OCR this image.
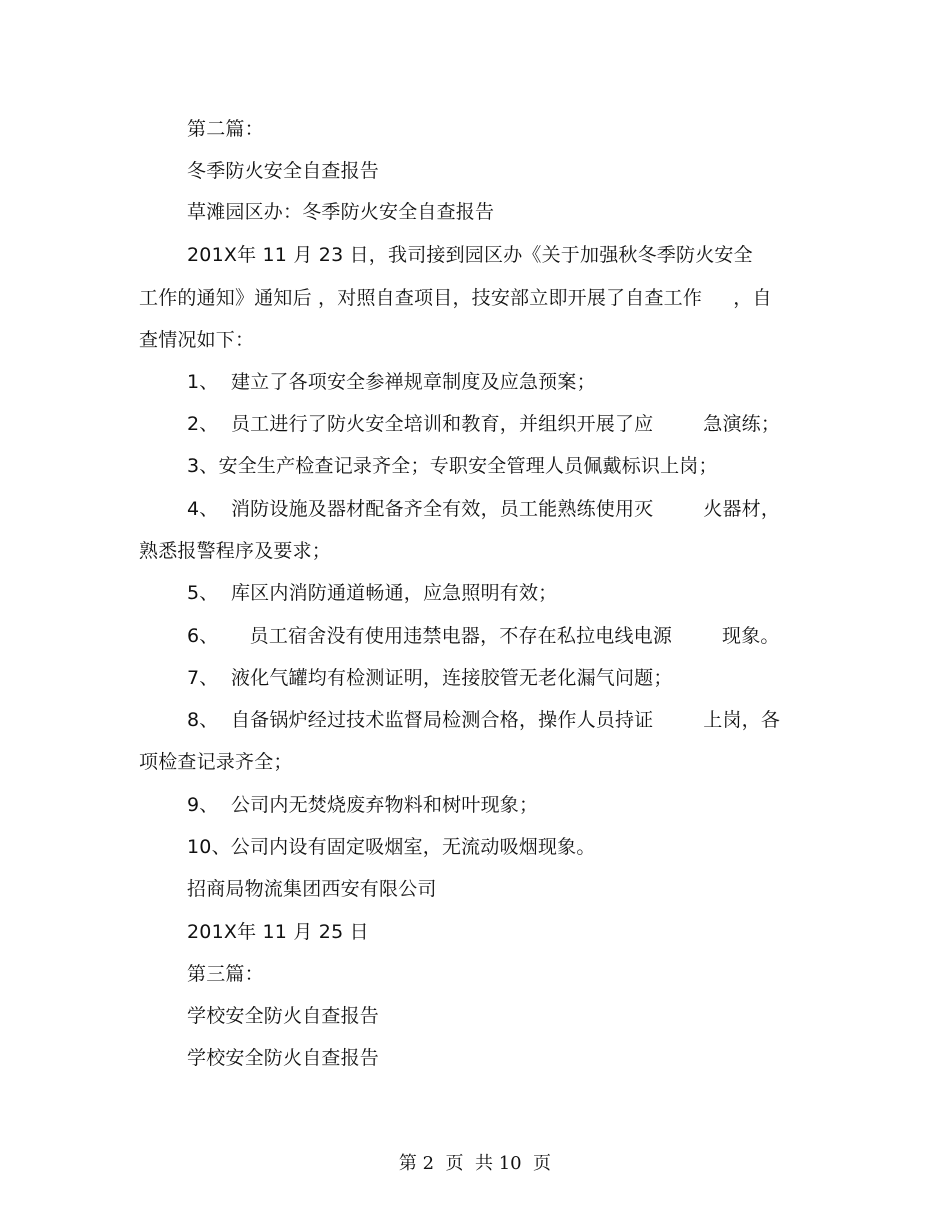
第二篇：
冬季防火安全自查报告
草滩园区办：冬季防火安全自查报告
201X年 11 月 23 日，我司接到园区办《关于加强秋冬季防火安全
工作的通知》通知后 ，对照自查项目，技安部立即开展了自查工作     ，自
查情况如下：
1、  建立了各项安全参禅规章制度及应急预案；
2、  员工进行了防火安全培训和教育，并组织开展了应        急演练；
3、安全生产检查记录齐全；专职安全管理人员佩戴标识上岗；
4、  消防设施及器材配备齐全有效，员工能熟练使用灭        火器材，
熟悉报警程序及要求；
5、  库区内消防通道畅通，应急照明有效；
6、     员工宿舍没有使用违禁电器，不存在私拉电线电源        现象。
7、  液化气罐均有检测证明，连接胶管无老化漏气问题；
8、  自备锅炉经过技术监督局检测合格，操作人员持证        上岗，各
项检查记录齐全；
9、  公司内无焚烧废弃物料和树叶现象；
10、公司内设有固定吸烟室，无流动吸烟现象。
招商局物流集团西安有限公司
201X年 11 月 25 日
第三篇：
学校安全防火自查报告
学校安全防火自查报告
第 2  页  共 10  页
